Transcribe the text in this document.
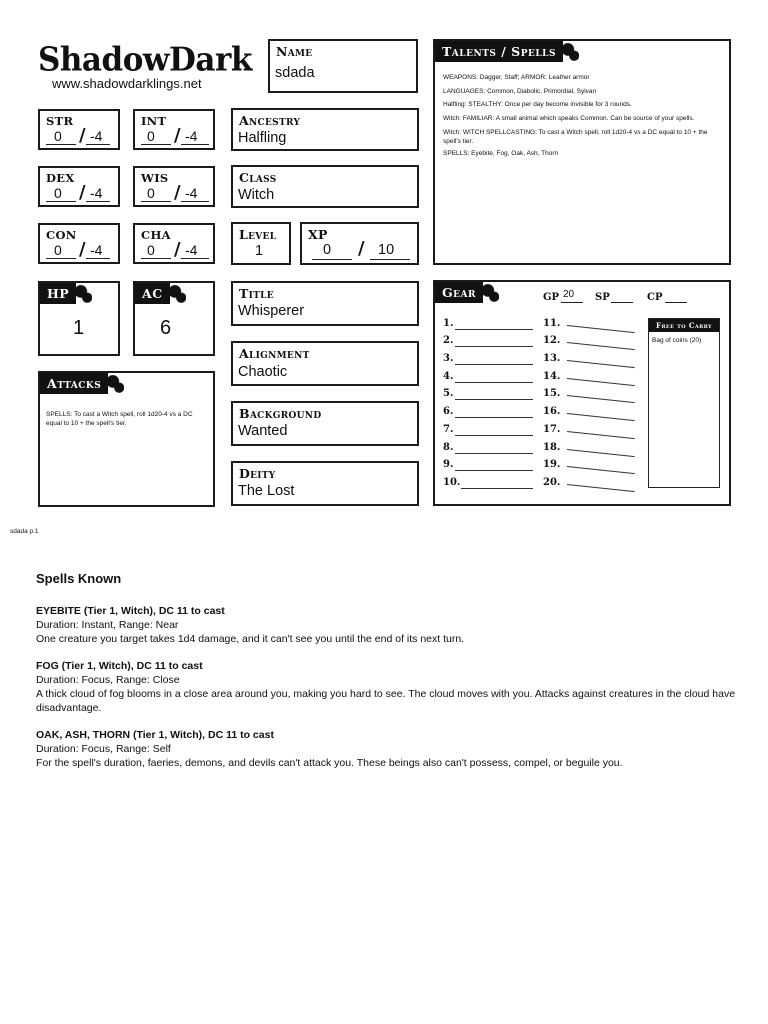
ShadowDark
www.shadowdarklings.net
Name
sdada
STR
0 / -4
INT
0 / -4
DEX
0 / -4
WIS
0 / -4
CON
0 / -4
CHA
0 / -4
Ancestry
Halfling
Class
Witch
Level
1
XP
0 / 10
HP
1
AC
6
Title
Whisperer
Alignment
Chaotic
Background
Wanted
Deity
The Lost
Attacks
SPELLS: To cast a Witch spell, roll 1d20-4 vs a DC equal to 10 + the spell's tier.
Talents / Spells
WEAPONS: Dagger, Staff; ARMOR: Leather armor
LANGUAGES: Common, Diabolic, Primordial, Sylvan
Halfling: STEALTHY: Once per day become invisible for 3 rounds.
Witch: FAMILIAR: A small animal which speaks Common. Can be source of your spells.
Witch: WITCH SPELLCASTING: To cast a Witch spell, roll 1d20-4 vs a DC equal to 10 + the spell's tier.
SPELLS: Eyebite, Fog, Oak, Ash, Thorn
Gear	GP 20 SP	CP
1.
2.
3.
4.
5.
6.
7.
8.
9.
10.
11.
12.
13.
14.
15.
16.
17.
18.
19.
20.
Free to Carry
Bag of coins (20)
sdada p.1
Spells Known

EYEBITE (Tier 1, Witch), DC 11 to cast
Duration: Instant, Range: Near
One creature you target takes 1d4 damage, and it can't see you until the end of its next turn.

FOG (Tier 1, Witch), DC 11 to cast
Duration: Focus, Range: Close
A thick cloud of fog blooms in a close area around you, making you hard to see. The cloud moves with you. Attacks against creatures in the cloud have disadvantage.

OAK, ASH, THORN (Tier 1, Witch), DC 11 to cast
Duration: Focus, Range: Self
For the spell's duration, faeries, demons, and devils can't attack you. These beings also can't possess, compel, or beguile you.
